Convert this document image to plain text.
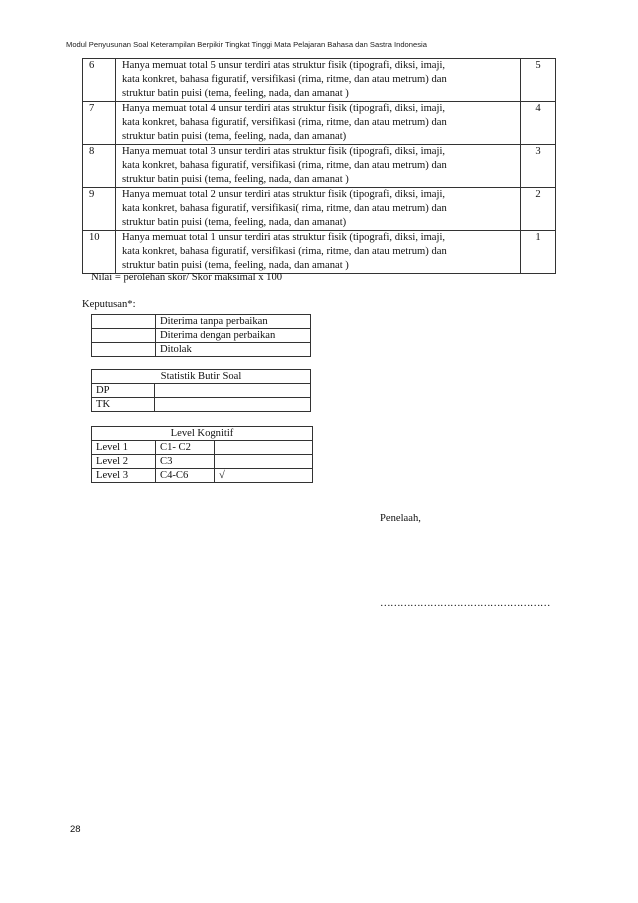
Modul Penyusunan Soal Keterampilan Berpikir Tingkat Tinggi Mata Pelajaran Bahasa dan Sastra Indonesia
6	Hanya memuat total 5 unsur terdiri atas struktur fisik (tipografi, diksi, imaji,
kata konkret, bahasa figuratif, versifikasi (rima, ritme, dan atau metrum) dan
struktur batin puisi (tema, feeling, nada, dan amanat )	5
7	Hanya memuat total 4 unsur terdiri atas struktur fisik (tipografi, diksi, imaji,
kata konkret, bahasa figuratif, versifikasi (rima, ritme, dan atau metrum) dan
struktur batin puisi (tema, feeling, nada, dan amanat)	4
8	Hanya memuat total 3 unsur terdiri atas struktur fisik (tipografi, diksi, imaji,
kata konkret, bahasa figuratif, versifikasi (rima, ritme, dan atau metrum) dan
struktur batin puisi (tema, feeling, nada, dan amanat )	3
9	Hanya memuat total 2 unsur terdiri atas struktur fisik (tipografi, diksi, imaji,
kata konkret, bahasa figuratif, versifikasi( rima, ritme, dan atau metrum) dan
struktur batin puisi (tema, feeling, nada, dan amanat)	2
10	Hanya memuat total 1 unsur terdiri atas struktur fisik (tipografi, diksi, imaji,
kata konkret, bahasa figuratif, versifikasi (rima, ritme, dan atau metrum) dan
struktur batin puisi (tema, feeling, nada, dan amanat )	1
Nilai = perolehan skor/ Skor maksimal x 100
Keputusan*:
	Diterima tanpa perbaikan
	Diterima dengan perbaikan
	Ditolak
Statistik Butir Soal	
DP	
TK	
Level Kognitif		
Level 1	C1- C2	
Level 2	C3	
Level 3	C4-C6	√
Penelaah,
……………………………………………
28
